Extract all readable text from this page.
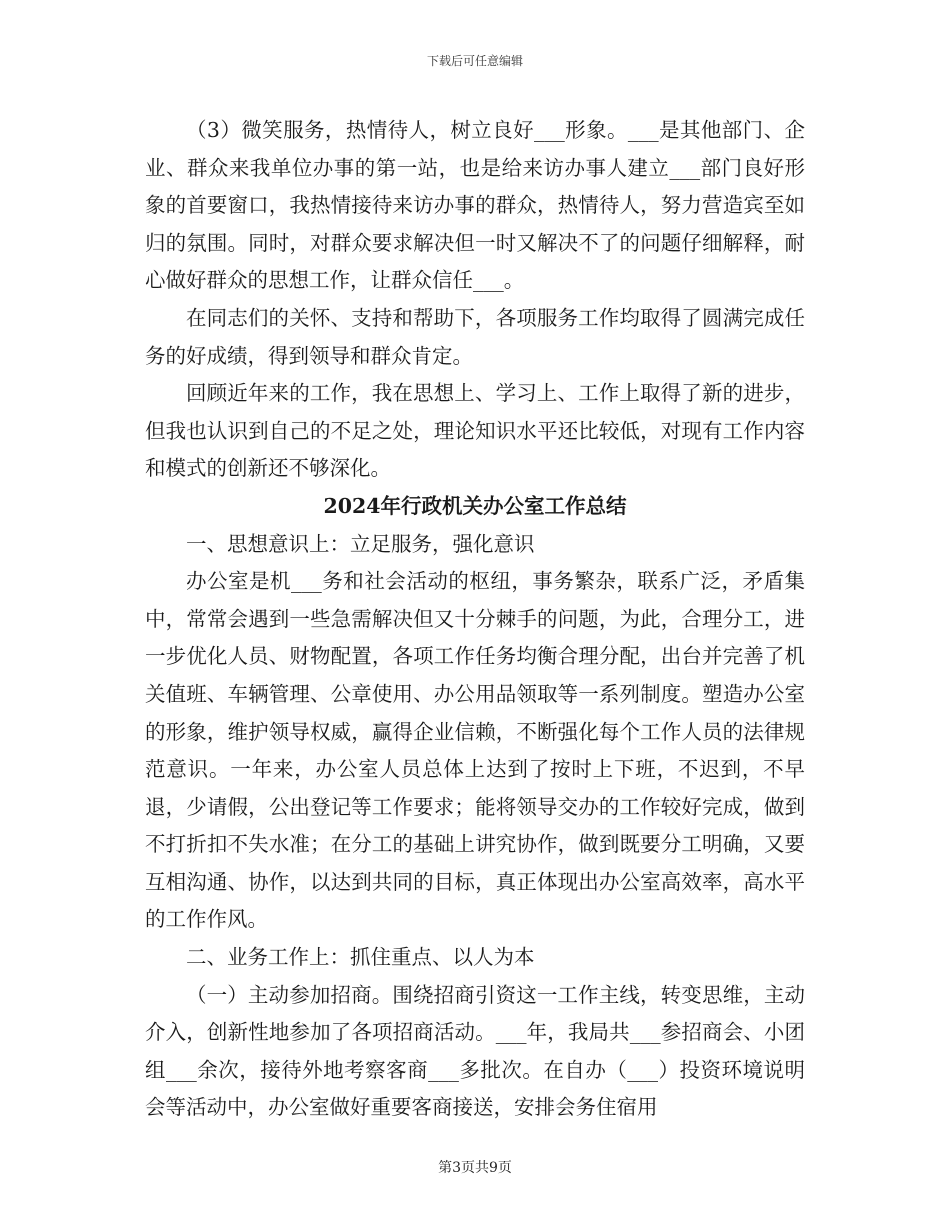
下载后可任意编辑

（3）微笑服务，热情待人，树立良好___形象。___是其他部门、企业、群众来我单位办事的第一站，也是给来访办事人建立___部门良好形象的首要窗口，我热情接待来访办事的群众，热情待人，努力营造宾至如归的氛围。同时，对群众要求解决但一时又解决不了的问题仔细解释，耐心做好群众的思想工作，让群众信任___。

在同志们的关怀、支持和帮助下，各项服务工作均取得了圆满完成任务的好成绩，得到领导和群众肯定。

回顾近年来的工作，我在思想上、学习上、工作上取得了新的进步，但我也认识到自己的不足之处，理论知识水平还比较低，对现有工作内容和模式的创新还不够深化。

2024年行政机关办公室工作总结

一、思想意识上：立足服务，强化意识

办公室是机___务和社会活动的枢纽，事务繁杂，联系广泛，矛盾集中，常常会遇到一些急需解决但又十分棘手的问题，为此，合理分工，进一步优化人员、财物配置，各项工作任务均衡合理分配，出台并完善了机关值班、车辆管理、公章使用、办公用品领取等一系列制度。塑造办公室的形象，维护领导权威，赢得企业信赖，不断强化每个工作人员的法律规范意识。一年来，办公室人员总体上达到了按时上下班，不迟到，不早退，少请假，公出登记等工作要求；能将领导交办的工作较好完成，做到不打折扣不失水准；在分工的基础上讲究协作，做到既要分工明确，又要互相沟通、协作，以达到共同的目标，真正体现出办公室高效率，高水平的工作作风。

二、业务工作上：抓住重点、以人为本

（一）主动参加招商。围绕招商引资这一工作主线，转变思维，主动介入，创新性地参加了各项招商活动。___年，我局共___参招商会、小团组___余次，接待外地考察客商___多批次。在自办（___）投资环境说明会等活动中，办公室做好重要客商接送，安排会务住宿用

第3页共9页
